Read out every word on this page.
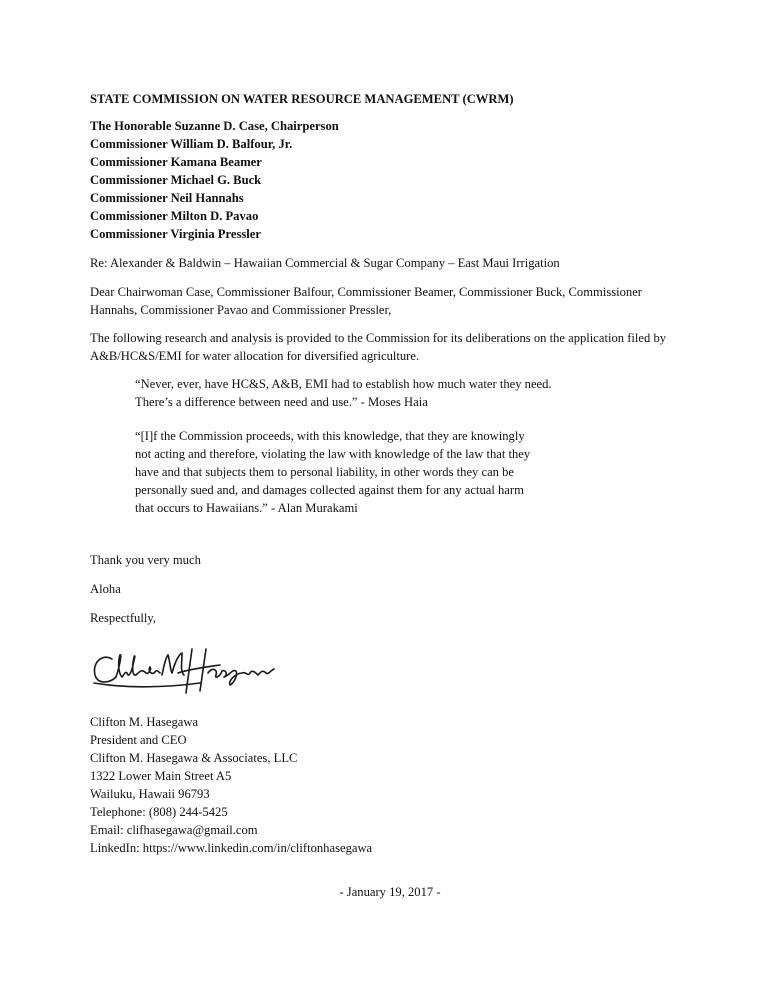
STATE COMMISSION ON WATER RESOURCE MANAGEMENT (CWRM)
The Honorable Suzanne D. Case, Chairperson
Commissioner William D. Balfour, Jr.
Commissioner Kamana Beamer
Commissioner Michael G. Buck
Commissioner Neil Hannahs
Commissioner Milton D. Pavao
Commissioner Virginia Pressler

Re: Alexander & Baldwin – Hawaiian Commercial & Sugar Company – East Maui Irrigation

Dear Chairwoman Case, Commissioner Balfour, Commissioner Beamer, Commissioner Buck, Commissioner Hannahs, Commissioner Pavao and Commissioner Pressler,

The following research and analysis is provided to the Commission for its deliberations on the application filed by A&B/HC&S/EMI for water allocation for diversified agriculture.

“Never, ever, have HC&S, A&B, EMI had to establish how much water they need.
There’s a difference between need and use.” - Moses Haia
“[I]f the Commission proceeds, with this knowledge, that they are knowingly
not acting and therefore, violating the law with knowledge of the law that they
have and that subjects them to personal liability, in other words they can be
personally sued and, and damages collected against them for any actual harm
that occurs to Hawaiians.” - Alan Murakami

Thank you very much

Aloha

Respectfully,

Clifton M. Hasegawa
President and CEO
Clifton M. Hasegawa & Associates, LLC
1322 Lower Main Street A5
Wailuku, Hawaii 96793
Telephone: (808) 244-5425
Email: clifhasegawa@gmail.com
LinkedIn: https://www.linkedin.com/in/cliftonhasegawa
- January 19, 2017 -
